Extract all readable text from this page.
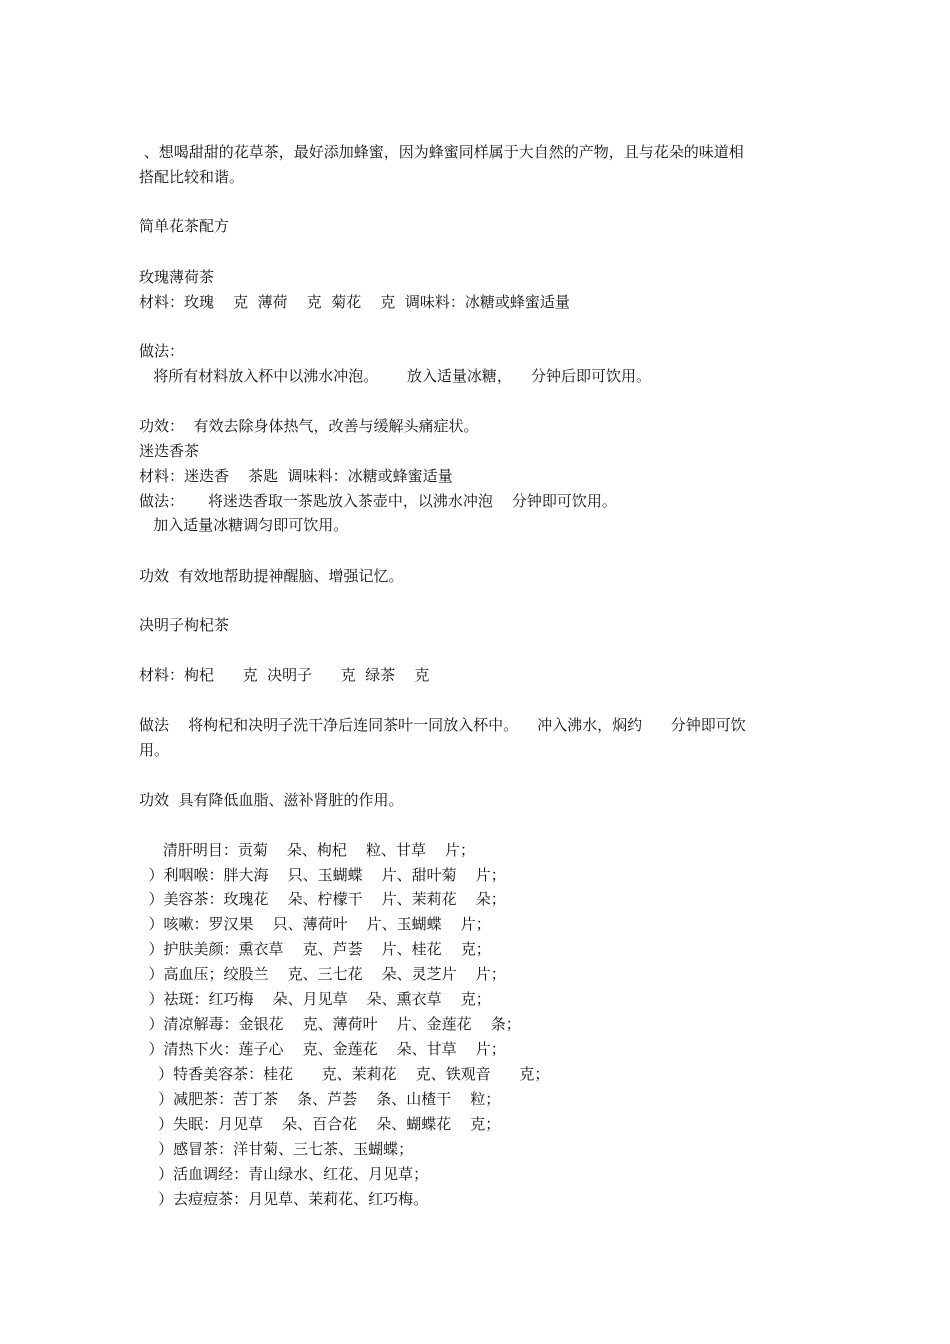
、想喝甜甜的花草茶，最好添加蜂蜜，因为蜂蜜同样属于大自然的产物，且与花朵的味道相
搭配比较和谐。
简单花茶配方
玫瑰薄荷茶
材料：玫瑰    克  薄荷    克  菊花    克  调味料：冰糖或蜂蜜适量
做法：
将所有材料放入杯中以沸水冲泡。      放入适量冰糖，    分钟后即可饮用。
功效：  有效去除身体热气，改善与缓解头痛症状。
迷迭香茶
材料：迷迭香    茶匙  调味料：冰糖或蜂蜜适量
做法：     将迷迭香取一茶匙放入茶壶中，以沸水冲泡    分钟即可饮用。
加入适量冰糖调匀即可饮用。
功效  有效地帮助提神醒脑、增强记忆。
决明子枸杞茶
材料：枸杞      克  决明子      克  绿茶    克
做法    将枸杞和决明子洗干净后连同茶叶一同放入杯中。    冲入沸水，焖约      分钟即可饮
用。
功效  具有降低血脂、滋补肾脏的作用。
清肝明目：贡菊    朵、枸杞    粒、甘草    片；
）利咽喉：胖大海    只、玉蝴蝶    片、甜叶菊    片；
）美容茶：玫瑰花    朵、柠檬干    片、茉莉花    朵；
）咳嗽：罗汉果    只、薄荷叶    片、玉蝴蝶    片；
）护肤美颜：熏衣草    克、芦荟    片、桂花    克；
）高血压；绞股兰    克、三七花    朵、灵芝片    片；
）祛斑：红巧梅    朵、月见草    朵、熏衣草    克；
）清凉解毒：金银花    克、薄荷叶    片、金莲花    条；
）清热下火：莲子心    克、金莲花    朵、甘草    片；
）特香美容茶：桂花      克、茉莉花    克、铁观音      克；
）减肥茶：苦丁茶    条、芦荟    条、山楂干    粒；
）失眠：月见草    朵、百合花    朵、蝴蝶花    克；
）感冒茶：洋甘菊、三七茶、玉蝴蝶；
）活血调经：青山绿水、红花、月见草；
）去痘痘茶：月见草、茉莉花、红巧梅。
